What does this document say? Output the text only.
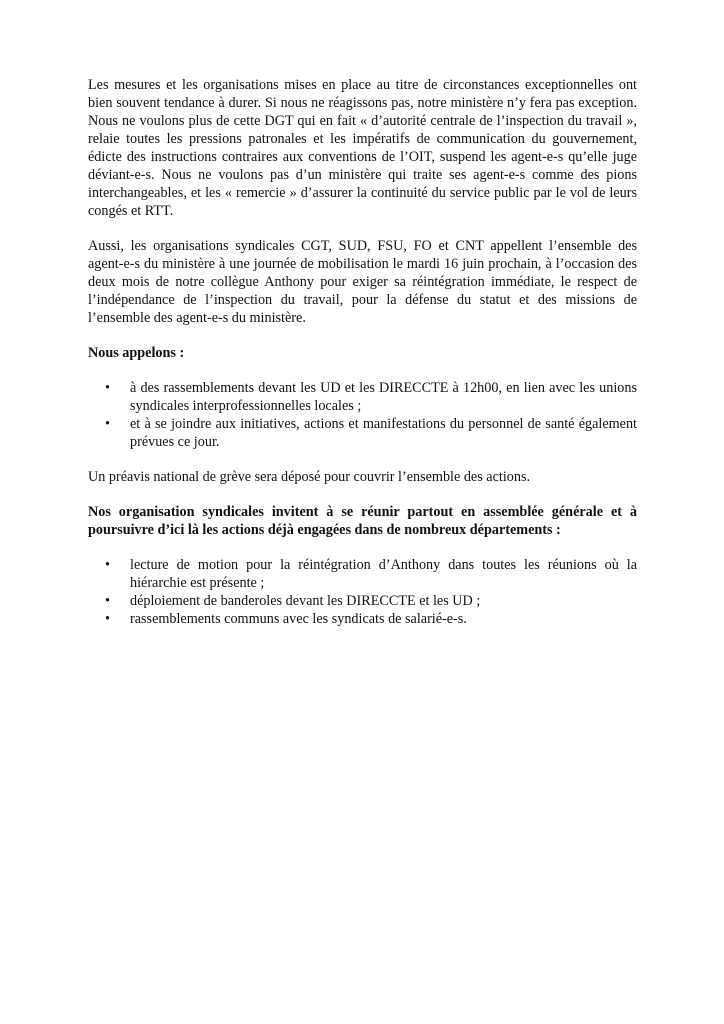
Les mesures et les organisations mises en place au titre de circonstances exceptionnelles ont bien souvent tendance à durer. Si nous ne réagissons pas, notre ministère n’y fera pas exception. Nous ne voulons plus de cette DGT qui en fait « d’autorité centrale de l’inspection du travail », relaie toutes les pressions patronales et les impératifs de communication du gouvernement, édicte des instructions contraires aux conventions de l’OIT, suspend les agent-e-s qu’elle juge déviant-e-s. Nous ne voulons pas d’un ministère qui traite ses agent-e-s comme des pions interchangeables, et les « remercie » d’assurer la continuité du service public par le vol de leurs congés et RTT.

Aussi, les organisations syndicales CGT, SUD, FSU, FO et CNT appellent l’ensemble des agent-e-s du ministère à une journée de mobilisation le mardi 16 juin prochain, à l’occasion des deux mois de notre collègue Anthony pour exiger sa réintégration immédiate, le respect de l’indépendance de l’inspection du travail, pour la défense du statut et des missions de l’ensemble des agent-e-s du ministère.

Nous appelons :

• à des rassemblements devant les UD et les DIRECCTE à 12h00, en lien avec les unions syndicales interprofessionnelles locales ;
• et à se joindre aux initiatives, actions et manifestations du personnel de santé également prévues ce jour.

Un préavis national de grève sera déposé pour couvrir l’ensemble des actions.

Nos organisation syndicales invitent à se réunir partout en assemblée générale et à poursuivre d’ici là les actions déjà engagées dans de nombreux départements :

• lecture de motion pour la réintégration d’Anthony dans toutes les réunions où la hiérarchie est présente ;
• déploiement de banderoles devant les DIRECCTE et les UD ;
• rassemblements communs avec les syndicats de salarié-e-s.
